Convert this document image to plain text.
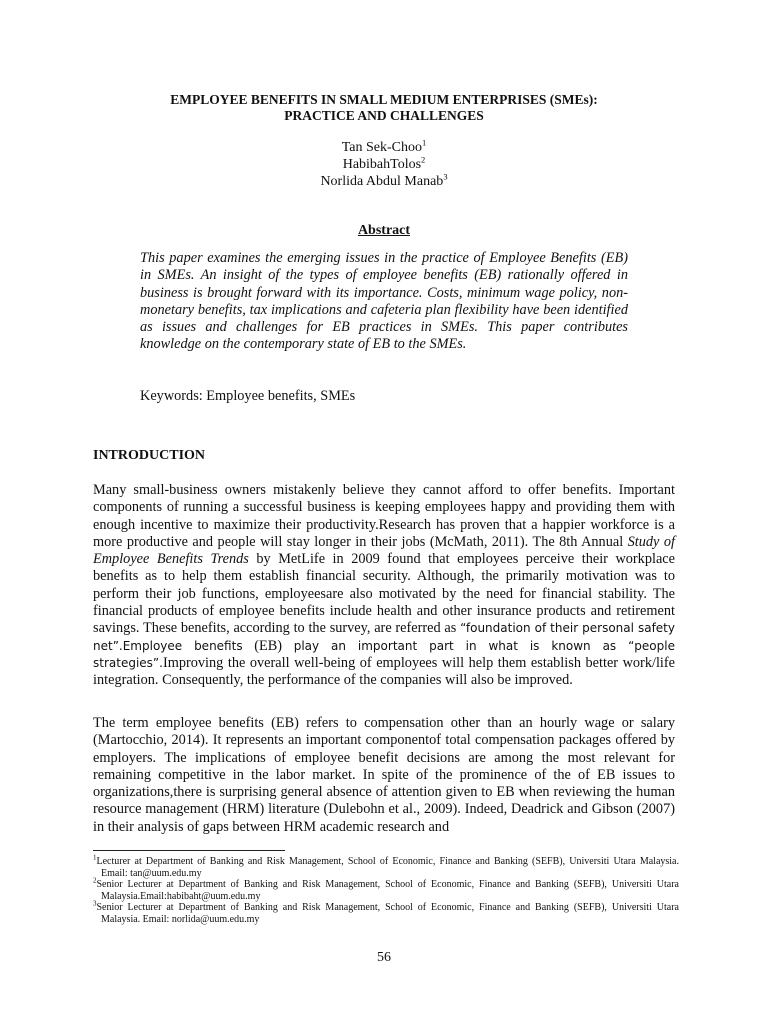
EMPLOYEE BENEFITS IN SMALL MEDIUM ENTERPRISES (SMEs):
PRACTICE AND CHALLENGES
Tan Sek-Choo$^1$
HabibahTolos$^2$
Norlida Abdul Manab$^3$
Abstract
This paper examines the emerging issues in the practice of Employee Benefits (EB) in SMEs. An insight of the types of employee benefits (EB) rationally offered in business is brought forward with its importance. Costs, minimum wage policy, non-monetary benefits, tax implications and cafeteria plan flexibility have been identified as issues and challenges for EB practices in SMEs. This paper contributes knowledge on the contemporary state of EB to the SMEs.
Keywords: Employee benefits, SMEs
INTRODUCTION
Many small-business owners mistakenly believe they cannot afford to offer benefits. Important components of running a successful business is keeping employees happy and providing them with enough incentive to maximize their productivity.Research has proven that a happier workforce is a more productive and people will stay longer in their jobs (McMath, 2011). The 8th Annual Study of Employee Benefits Trends by MetLife in 2009 found that employees perceive their workplace benefits as to help them establish financial security. Although, the primarily motivation was to perform their job functions, employeesare also motivated by the need for financial stability. The financial products of employee benefits include health and other insurance products and retirement savings. These benefits, according to the survey, are referred as “foundation of their personal safety net”.Employee benefits (EB) play an important part in what is known as “people strategies”.Improving the overall well-being of employees will help them establish better work/life integration. Consequently, the performance of the companies will also be improved.
The term employee benefits (EB) refers to compensation other than an hourly wage or salary (Martocchio, 2014). It represents an important componentof total compensation packages offered by employers. The implications of employee benefit decisions are among the most relevant for remaining competitive in the labor market. In spite of the prominence of the of EB issues to organizations,there is surprising general absence of attention given to EB when reviewing the human resource management (HRM) literature (Dulebohn et al., 2009). Indeed, Deadrick and Gibson (2007) in their analysis of gaps between HRM academic research and
$^1$Lecturer at Department of Banking and Risk Management, School of Economic, Finance and Banking (SEFB), Universiti Utara Malaysia. Email: tan@uum.edu.my
$^2$Senior Lecturer at Department of Banking and Risk Management, School of Economic, Finance and Banking (SEFB), Universiti Utara Malaysia.Email:habibaht@uum.edu.my
$^3$Senior Lecturer at Department of Banking and Risk Management, School of Economic, Finance and Banking (SEFB), Universiti Utara Malaysia. Email: norlida@uum.edu.my
56
